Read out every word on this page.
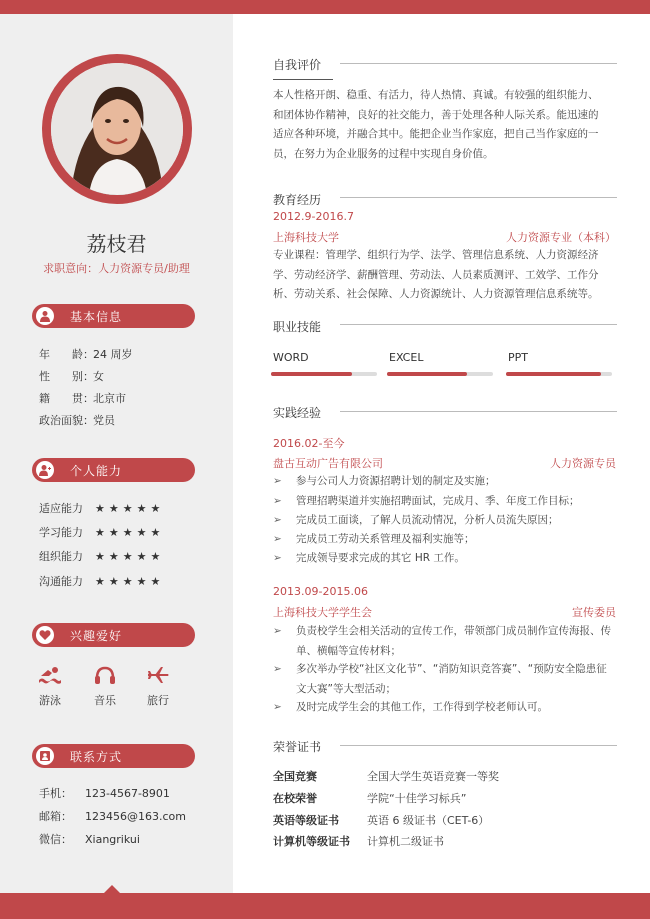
荔枝君
求职意向：人力资源专员/助理
基本信息
年　　龄：24 周岁
性　　别：女
籍　　贯：北京市
政治面貌：党员
个人能力
适应能力 ★★★★★
学习能力 ★★★★★
组织能力 ★★★★★
沟通能力 ★★★★★
兴趣爱好
游泳	音乐	旅行
联系方式
手机： 123-4567-8901
邮箱： 123456@163.com
微信： Xiangrikui
自我评价
本人性格开朗、稳重、有活力，待人热情、真诚。有较强的组织能力、
和团体协作精神，良好的社交能力，善于处理各种人际关系。能迅速的
适应各种环境，并融合其中。能把企业当作家庭，把自己当作家庭的一
员，在努力为企业服务的过程中实现自身价值。
教育经历
2012.9-2016.7
上海科技大学	人力资源专业（本科）
专业课程：管理学、组织行为学、法学、管理信息系统、人力资源经济
学、劳动经济学、薪酬管理、劳动法、人员素质测评、工效学、工作分
析、劳动关系、社会保障、人力资源统计、人力资源管理信息系统等。
职业技能
WORD	EXCEL	PPT
实践经验
2016.02-至今
盘古互动广告有限公司	人力资源专员
➢	参与公司人力资源招聘计划的制定及实施；
➢	管理招聘渠道并实施招聘面试，完成月、季、年度工作目标；
➢	完成员工面谈，了解人员流动情况，分析人员流失原因；
➢	完成员工劳动关系管理及福利实施等；
➢	完成领导要求完成的其它 HR 工作。
2013.09-2015.06
上海科技大学学生会	宣传委员
➢	负责校学生会相关活动的宣传工作，带领部门成员制作宣传海报、传
单、横幅等宣传材料；
➢	多次举办学校“社区文化节”、“消防知识竞答赛”、“预防安全隐患征
文大赛”等大型活动；
➢	及时完成学生会的其他工作，工作得到学校老师认可。
荣誉证书
全国竞赛	全国大学生英语竞赛一等奖
在校荣誉	学院“十佳学习标兵”
英语等级证书	英语 6 级证书（CET-6）
计算机等级证书 计算机二级证书
